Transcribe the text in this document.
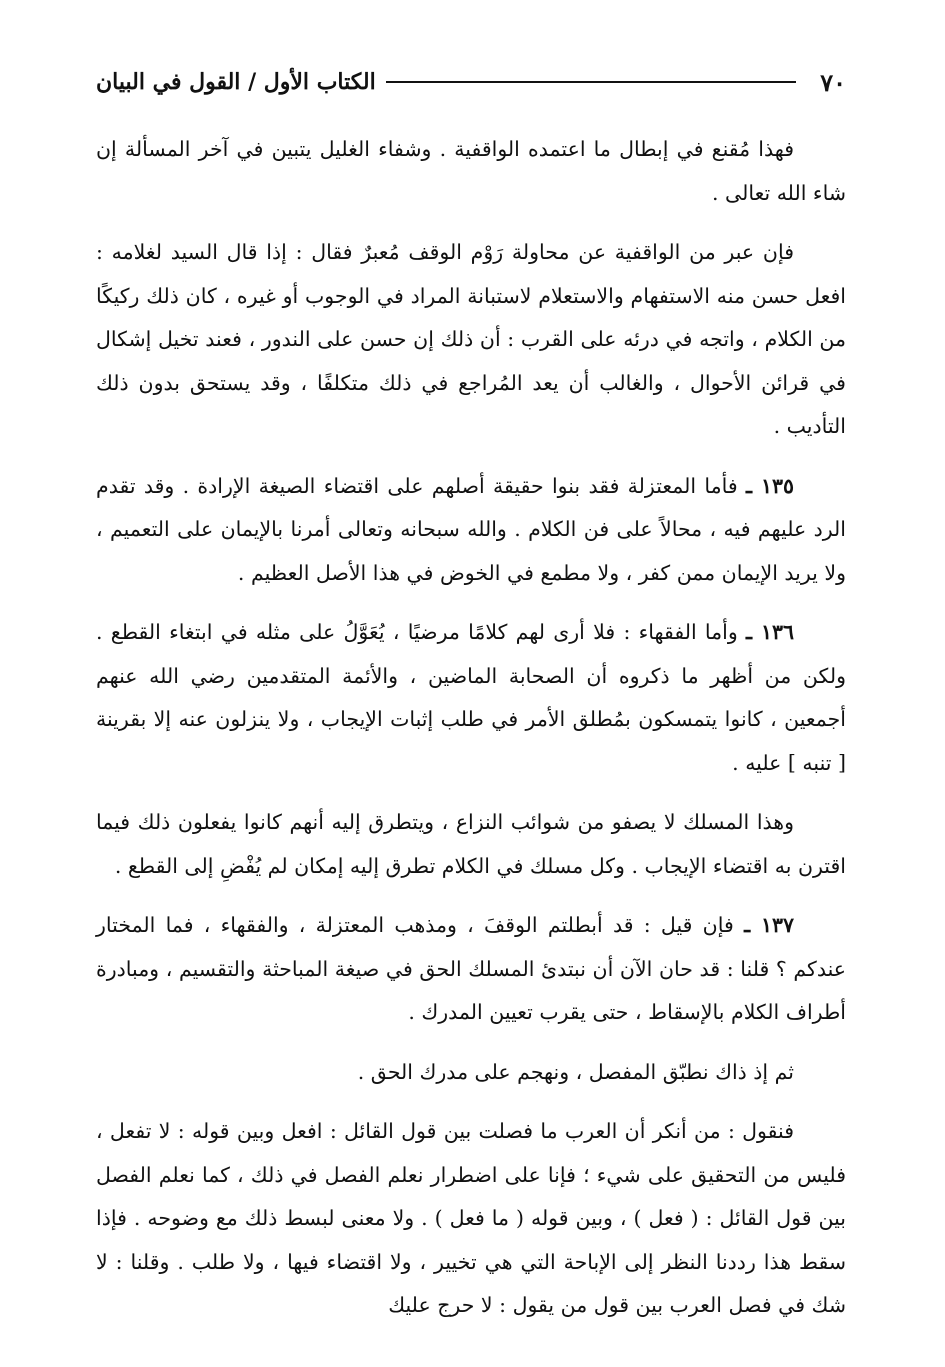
٧٠
الكتاب الأول / القول في البيان

فهذا مُقنع في إبطال ما اعتمده الواقفية . وشفاء الغليل يتبين في آخر المسألة إن شاء الله تعالى .

فإن عبر من الواقفية عن محاولة رَوْم الوقف مُعبرٌ فقال : إذا قال السيد لغلامه : افعل حسن منه الاستفهام والاستعلام لاستبانة المراد في الوجوب أو غيره ، كان ذلك ركيكًا من الكلام ، واتجه في درئه على القرب : أن ذلك إن حسن على الندور ، فعند تخيل إشكال في قرائن الأحوال ، والغالب أن يعد المُراجع في ذلك متكلفًا ، وقد يستحق بدون ذلك التأديب .

١٣٥ ـ فأما المعتزلة فقد بنوا حقيقة أصلهم على اقتضاء الصيغة الإرادة . وقد تقدم الرد عليهم فيه ، محالاً على فن الكلام . والله سبحانه وتعالى أمرنا بالإيمان على التعميم ، ولا يريد الإيمان ممن كفر ، ولا مطمع في الخوض في هذا الأصل العظيم .

١٣٦ ـ وأما الفقهاء : فلا أرى لهم كلامًا مرضيًا ، يُعَوَّلُ على مثله في ابتغاء القطع . ولكن من أظهر ما ذكروه أن الصحابة الماضين ، والأئمة المتقدمين رضي الله عنهم أجمعين ، كانوا يتمسكون بمُطلق الأمر في طلب إثبات الإيجاب ، ولا ينزلون عنه إلا بقرينة [ تنبه ] عليه .

وهذا المسلك لا يصفو من شوائب النزاع ، ويتطرق إليه أنهم كانوا يفعلون ذلك فيما اقترن به اقتضاء الإيجاب . وكل مسلك في الكلام تطرق إليه إمكان لم يُفْضِ إلى القطع .

١٣٧ ـ فإن قيل : قد أبطلتم الوقفَ ، ومذهب المعتزلة ، والفقهاء ، فما المختار عندكم ؟ قلنا : قد حان الآن أن نبتدئ المسلك الحق في صيغة المباحثة والتقسيم ، ومبادرة أطراف الكلام بالإسقاط ، حتى يقرب تعيين المدرك .

ثم إذ ذاك نطبّق المفصل ، ونهجم على مدرك الحق .

فنقول : من أنكر أن العرب ما فصلت بين قول القائل : افعل وبين قوله : لا تفعل ، فليس من التحقيق على شيء ؛ فإنا على اضطرار نعلم الفصل في ذلك ، كما نعلم الفصل بين قول القائل : ( فعل ) ، وبين قوله ( ما فعل ) . ولا معنى لبسط ذلك مع وضوحه . فإذا سقط هذا رددنا النظر إلى الإباحة التي هي تخيير ، ولا اقتضاء فيها ، ولا طلب . وقلنا : لا شك في فصل العرب بين قول من يقول : لا حرج عليك
